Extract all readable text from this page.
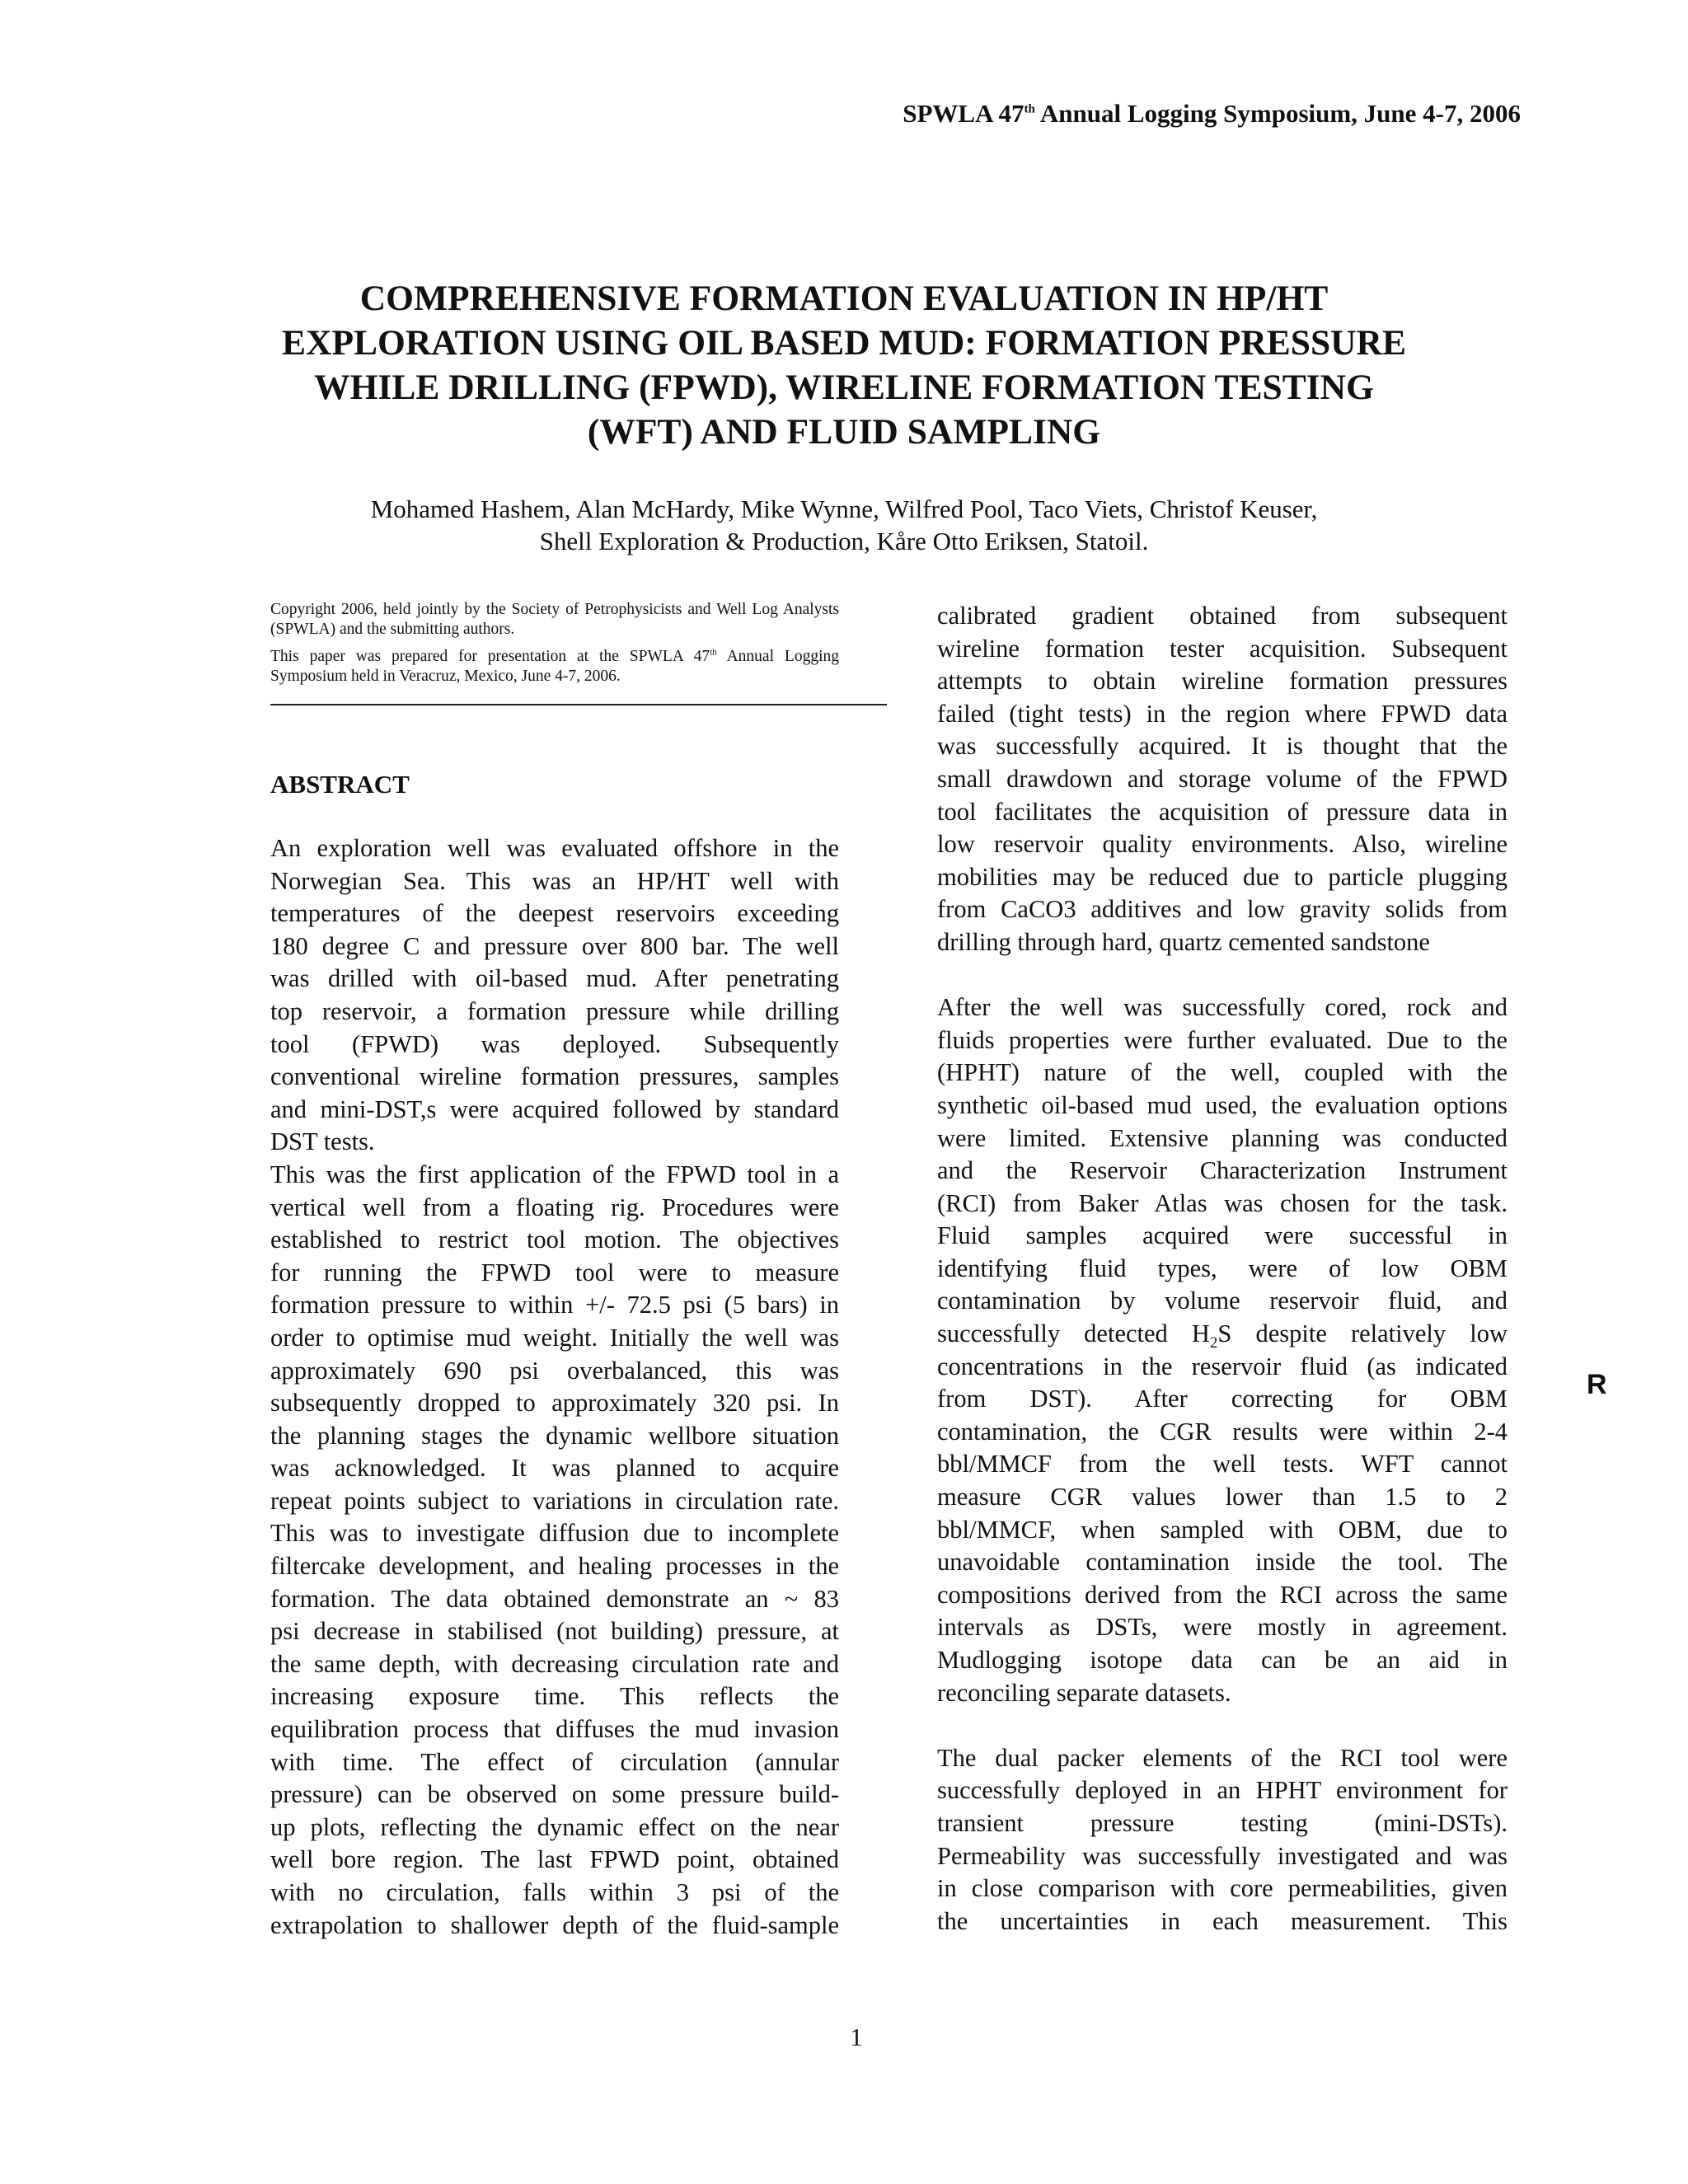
SPWLA 47th Annual Logging Symposium, June 4-7, 2006
COMPREHENSIVE FORMATION EVALUATION IN HP/HT
EXPLORATION USING OIL BASED MUD: FORMATION PRESSURE
WHILE DRILLING (FPWD), WIRELINE FORMATION TESTING
(WFT) AND FLUID SAMPLING
Mohamed Hashem, Alan McHardy, Mike Wynne, Wilfred Pool, Taco Viets, Christof Keuser,
Shell Exploration & Production, Kåre Otto Eriksen, Statoil.

Copyright 2006, held jointly by the Society of Petrophysicists and Well Log Analysts (SPWLA) and the submitting authors.

This paper was prepared for presentation at the SPWLA 47th Annual Logging Symposium held in Veracruz, Mexico, June 4-7, 2006.

ABSTRACT
An exploration well was evaluated offshore in the
Norwegian Sea. This was an HP/HT well with
temperatures of the deepest reservoirs exceeding
180 degree C and pressure over 800 bar. The well
was drilled with oil-based mud. After penetrating
top reservoir, a formation pressure while drilling
tool (FPWD) was deployed. Subsequently
conventional wireline formation pressures, samples
and mini-DST,s were acquired followed by standard
DST tests.
This was the first application of the FPWD tool in a
vertical well from a floating rig. Procedures were
established to restrict tool motion. The objectives
for running the FPWD tool were to measure
formation pressure to within +/- 72.5 psi (5 bars) in
order to optimise mud weight. Initially the well was
approximately 690 psi overbalanced, this was
subsequently dropped to approximately 320 psi. In
the planning stages the dynamic wellbore situation
was acknowledged. It was planned to acquire
repeat points subject to variations in circulation rate.
This was to investigate diffusion due to incomplete
filtercake development, and healing processes in the
formation. The data obtained demonstrate an ~ 83
psi decrease in stabilised (not building) pressure, at
the same depth, with decreasing circulation rate and
increasing exposure time. This reflects the
equilibration process that diffuses the mud invasion
with time. The effect of circulation (annular
pressure) can be observed on some pressure build-
up plots, reflecting the dynamic effect on the near
well bore region. The last FPWD point, obtained
with no circulation, falls within 3 psi of the
extrapolation to shallower depth of the fluid-sample
calibrated gradient obtained from subsequent
wireline formation tester acquisition. Subsequent
attempts to obtain wireline formation pressures
failed (tight tests) in the region where FPWD data
was successfully acquired. It is thought that the
small drawdown and storage volume of the FPWD
tool facilitates the acquisition of pressure data in
low reservoir quality environments. Also, wireline
mobilities may be reduced due to particle plugging
from CaCO3 additives and low gravity solids from
drilling through hard, quartz cemented sandstone
After the well was successfully cored, rock and
fluids properties were further evaluated. Due to the
(HPHT) nature of the well, coupled with the
synthetic oil-based mud used, the evaluation options
were limited. Extensive planning was conducted
and the Reservoir Characterization Instrument
(RCI) from Baker Atlas was chosen for the task.
Fluid samples acquired were successful in
identifying fluid types, were of low OBM
contamination by volume reservoir fluid, and
successfully detected $H_2S$ despite relatively low
concentrations in the reservoir fluid (as indicated
from DST). After correcting for OBM
contamination, the CGR results were within 2-4
bbl/MMCF from the well tests. WFT cannot
measure CGR values lower than 1.5 to 2
bbl/MMCF, when sampled with OBM, due to
unavoidable contamination inside the tool. The
compositions derived from the RCI across the same
intervals as DSTs, were mostly in agreement.
Mudlogging isotope data can be an aid in
reconciling separate datasets.
The dual packer elements of the RCI tool were
successfully deployed in an HPHT environment for
transient pressure testing (mini-DSTs).
Permeability was successfully investigated and was
in close comparison with core permeabilities, given
the uncertainties in each measurement. This
R
1
